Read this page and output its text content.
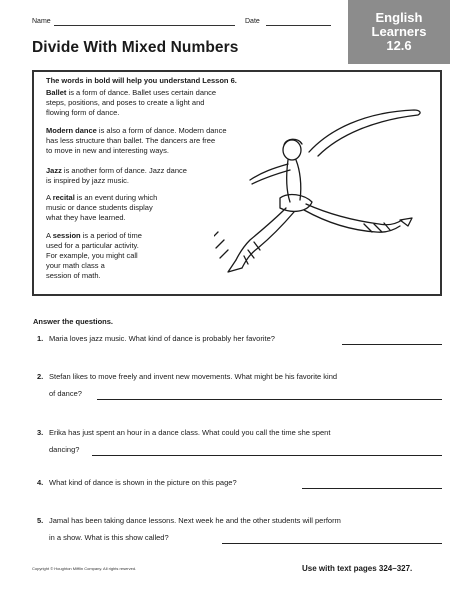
Name	Date	English
Learners
12.6
Divide With Mixed Numbers
The words in bold will help you understand Lesson 6.
Ballet is a form of dance. Ballet uses certain dance
steps, positions, and poses to create a light and
flowing form of dance.
Modern dance is also a form of dance. Modern dance
has less structure than ballet. The dancers are free
to move in new and interesting ways.
Jazz is another form of dance. Jazz dance
is inspired by jazz music.
A recital is an event during which
music or dance students display
what they have learned.
A session is a period of time
used for a particular activity.
For example, you might call
your math class a
session of math.
Answer the questions.
1. Maria loves jazz music. What kind of dance is probably her favorite?
2. Stefan likes to move freely and invent new movements. What might be his favorite kind
of dance?
3. Erika has just spent an hour in a dance class. What could you call the time she spent
dancing?
4. What kind of dance is shown in the picture on this page?
5. Jamal has been taking dance lessons. Next week he and the other students will perform
in a show. What is this show called?
Copyright © Houghton Mifflin Company. All rights reserved.	Use with text pages 324–327.
